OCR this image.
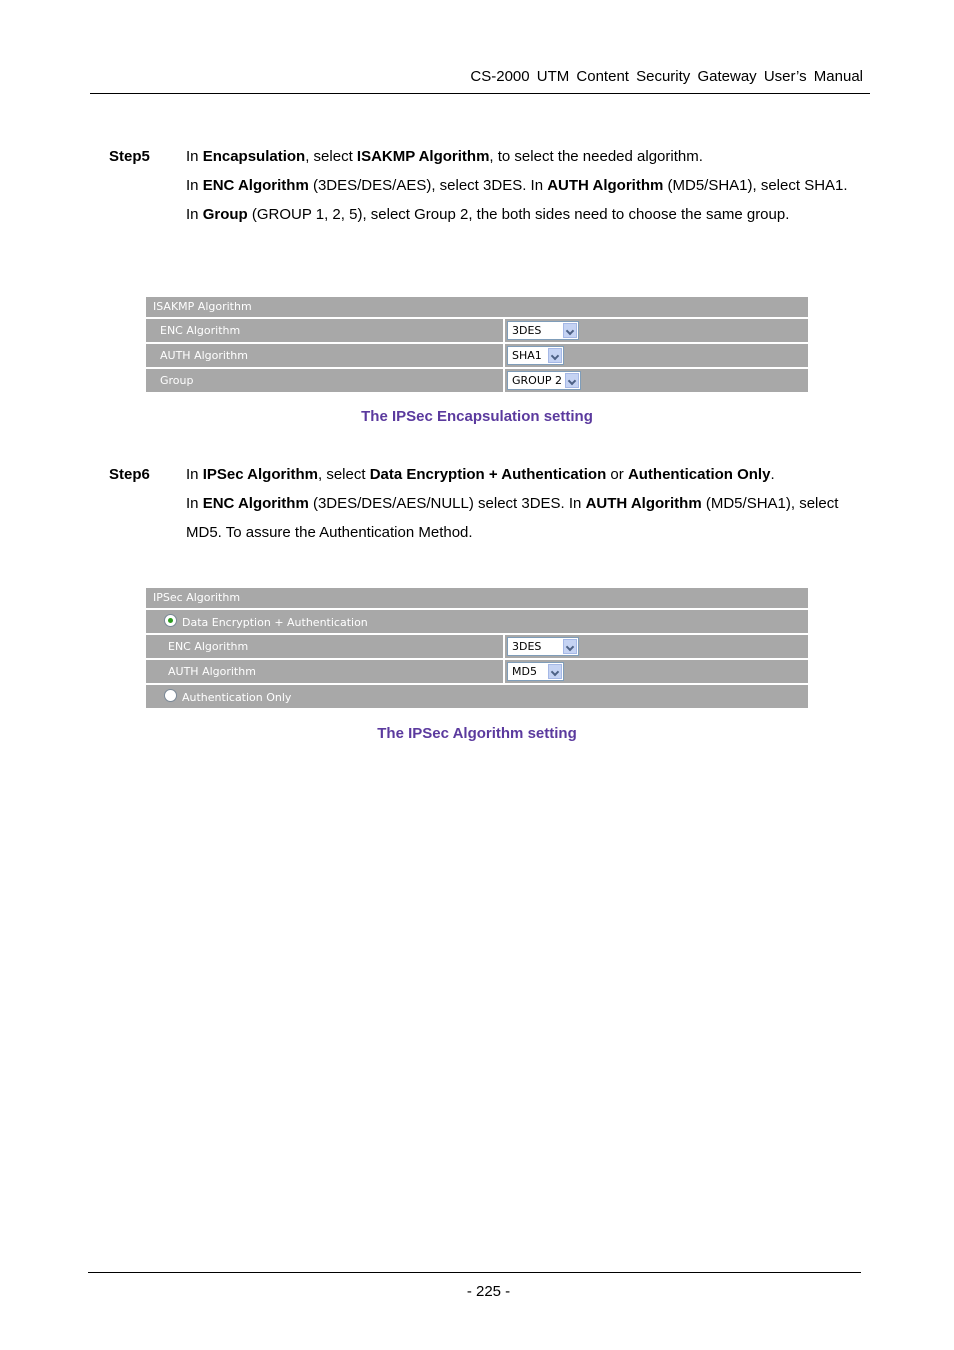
CS-2000 UTM Content Security Gateway User’s Manual
Step5 In Encapsulation, select ISAKMP Algorithm, to select the needed algorithm.

In ENC Algorithm (3DES/DES/AES), select 3DES. In AUTH Algorithm (MD5/SHA1), select SHA1. In Group (GROUP 1, 2, 5), select Group 2, the both sides need to choose the same group.

ISAKMP Algorithm
ENC Algorithm	3DES
AUTH Algorithm	SHA1
Group	GROUP 2
The IPSec Encapsulation setting
Step6 In IPSec Algorithm, select Data Encryption + Authentication or Authentication Only.

In ENC Algorithm (3DES/DES/AES/NULL) select 3DES. In AUTH Algorithm (MD5/SHA1), select MD5. To assure the Authentication Method.

IPSec Algorithm
Data Encryption + Authentication
ENC Algorithm	3DES
AUTH Algorithm	MD5
Authentication Only
The IPSec Algorithm setting
- 225 -
